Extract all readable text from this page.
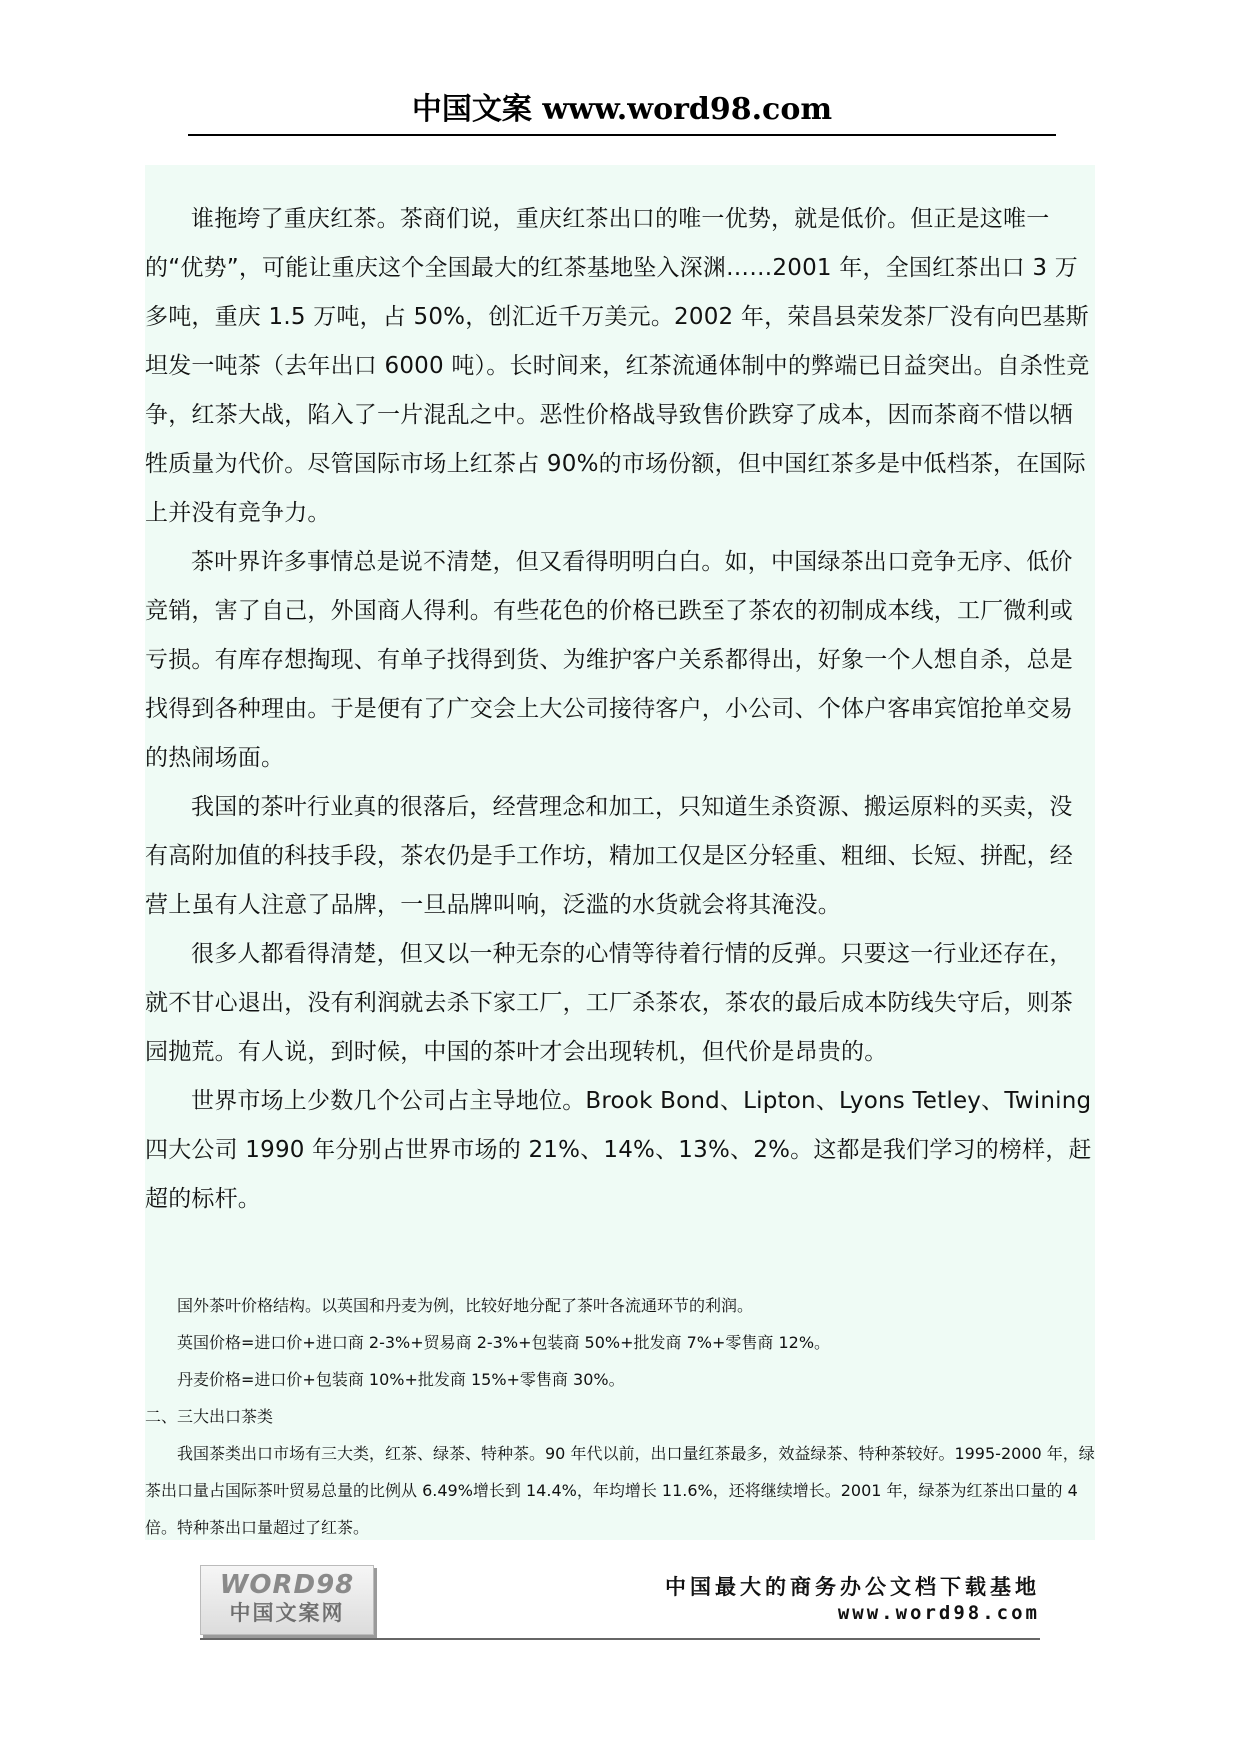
中国文案 www.word98.com

谁拖垮了重庆红茶。茶商们说，重庆红茶出口的唯一优势，就是低价。但正是这唯一的“优势”，可能让重庆这个全国最大的红茶基地坠入深渊……2001 年，全国红茶出口 3 万多吨，重庆 1.5 万吨，占 50%，创汇近千万美元。2002 年，荣昌县荣发茶厂没有向巴基斯坦发一吨茶（去年出口 6000 吨）。长时间来，红茶流通体制中的弊端已日益突出。自杀性竞争，红茶大战，陷入了一片混乱之中。恶性价格战导致售价跌穿了成本，因而茶商不惜以牺牲质量为代价。尽管国际市场上红茶占 90%的市场份额，但中国红茶多是中低档茶，在国际上并没有竞争力。

茶叶界许多事情总是说不清楚，但又看得明明白白。如，中国绿茶出口竞争无序、低价竞销，害了自己，外国商人得利。有些花色的价格已跌至了茶农的初制成本线，工厂微利或亏损。有库存想掏现、有单子找得到货、为维护客户关系都得出，好象一个人想自杀，总是找得到各种理由。于是便有了广交会上大公司接待客户，小公司、个体户客串宾馆抢单交易的热闹场面。

我国的茶叶行业真的很落后，经营理念和加工，只知道生杀资源、搬运原料的买卖，没有高附加值的科技手段，茶农仍是手工作坊，精加工仅是区分轻重、粗细、长短、拼配，经营上虽有人注意了品牌，一旦品牌叫响，泛滥的水货就会将其淹没。

很多人都看得清楚，但又以一种无奈的心情等待着行情的反弹。只要这一行业还存在，就不甘心退出，没有利润就去杀下家工厂，工厂杀茶农，茶农的最后成本防线失守后，则茶园抛荒。有人说，到时候，中国的茶叶才会出现转机，但代价是昂贵的。

世界市场上少数几个公司占主导地位。Brook Bond、Lipton、Lyons Tetley、Twining 四大公司 1990 年分别占世界市场的 21%、14%、13%、2%。这都是我们学习的榜样，赶超的标杆。

国外茶叶价格结构。以英国和丹麦为例，比较好地分配了茶叶各流通环节的利润。

英国价格=进口价+进口商 2-3%+贸易商 2-3%+包装商 50%+批发商 7%+零售商 12%。

丹麦价格=进口价+包装商 10%+批发商 15%+零售商 30%。

二、三大出口茶类

我国茶类出口市场有三大类，红茶、绿茶、特种茶。90 年代以前，出口量红茶最多，效益绿茶、特种茶较好。1995-2000 年，绿茶出口量占国际茶叶贸易总量的比例从 6.49%增长到 14.4%，年均增长 11.6%，还将继续增长。2001 年，绿茶为红茶出口量的 4 倍。特种茶出口量超过了红茶。

WORD98
中国文案网
中国最大的商务办公文档下载基地
www.word98.com
